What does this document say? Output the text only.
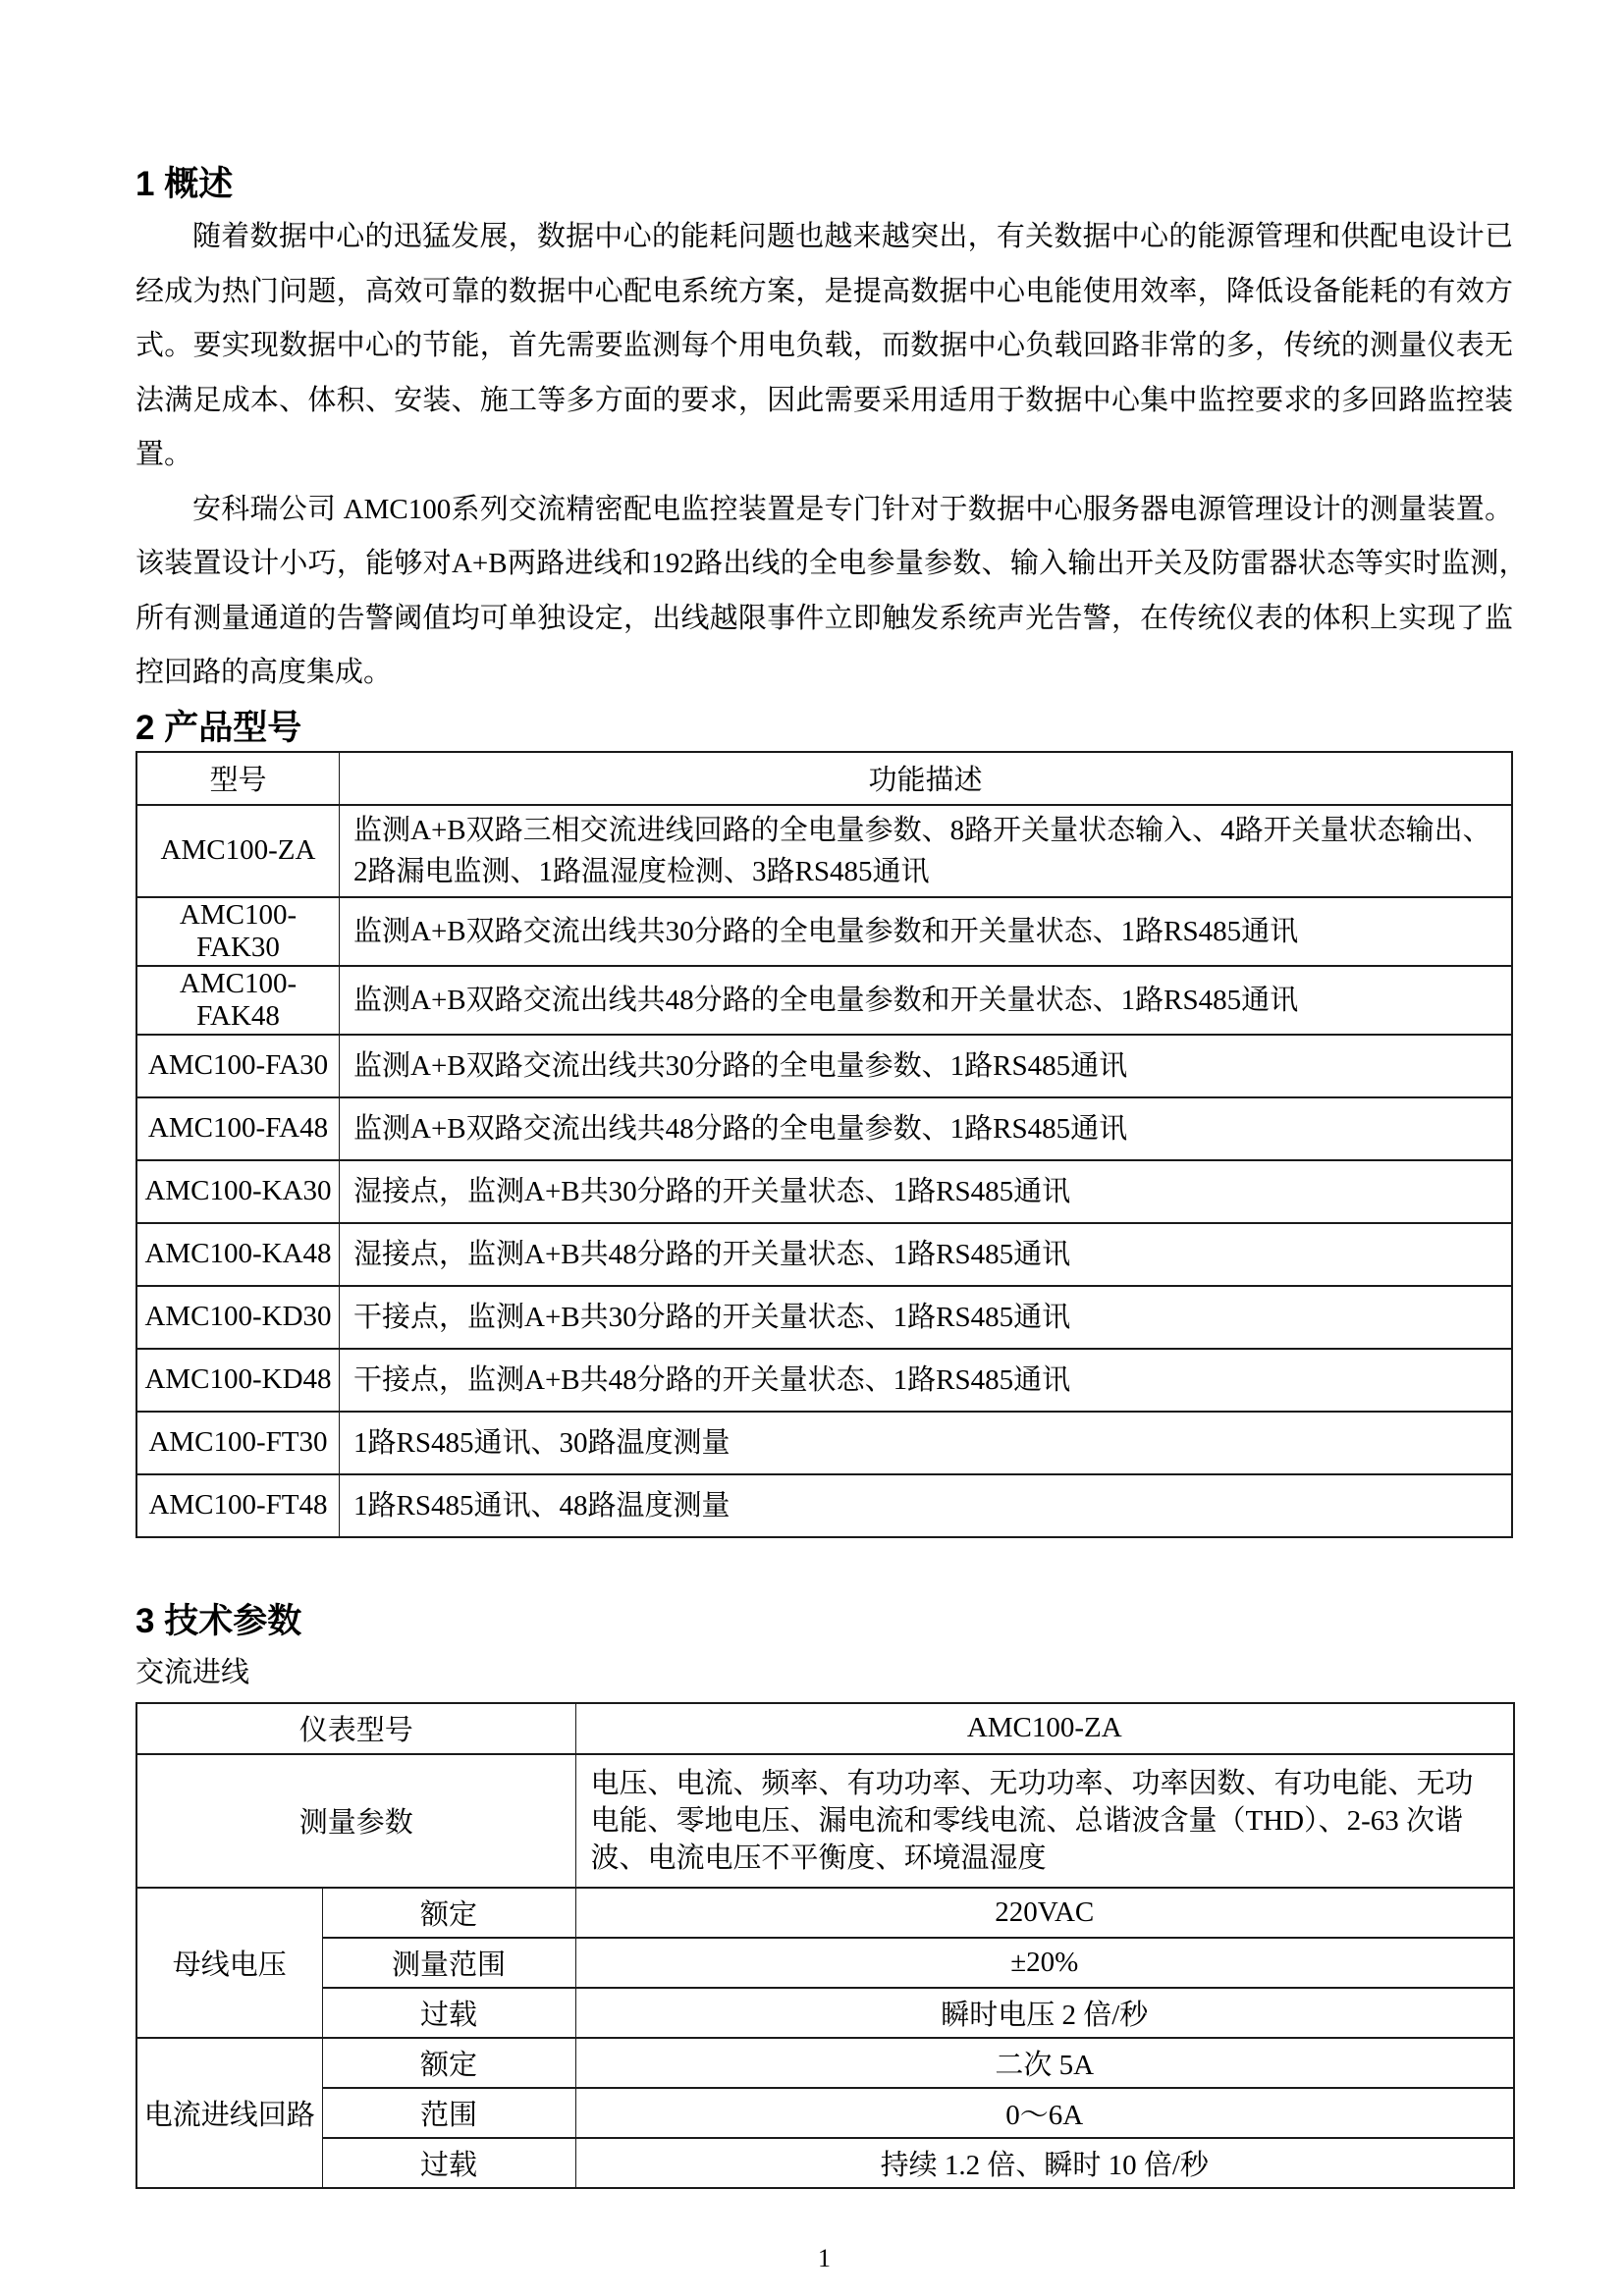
1 概述

随着数据中心的迅猛发展，数据中心的能耗问题也越来越突出，有关数据中心的能源管理和供配电设计已经成为热门问题，高效可靠的数据中心配电系统方案，是提高数据中心电能使用效率，降低设备能耗的有效方式。要实现数据中心的节能，首先需要监测每个用电负载，而数据中心负载回路非常的多，传统的测量仪表无法满足成本、体积、安装、施工等多方面的要求，因此需要采用适用于数据中心集中监控要求的多回路监控装置。

安科瑞公司 AMC100系列交流精密配电监控装置是专门针对于数据中心服务器电源管理设计的测量装置。该装置设计小巧，能够对A+B两路进线和192路出线的全电参量参数、输入输出开关及防雷器状态等实时监测，　所有测量通道的告警阈值均可单独设定，出线越限事件立即触发系统声光告警，在传统仪表的体积上实现了监控回路的高度集成。

2 产品型号
型号	功能描述
AMC100-ZA	监测A+B双路三相交流进线回路的全电量参数、8路开关量状态输入、4路开关量状态输出、2路漏电监测、1路温湿度检测、3路RS485通讯
AMC100-FAK30	监测A+B双路交流出线共30分路的全电量参数和开关量状态、1路RS485通讯
AMC100-FAK48	监测A+B双路交流出线共48分路的全电量参数和开关量状态、1路RS485通讯
AMC100-FA30	监测A+B双路交流出线共30分路的全电量参数、1路RS485通讯
AMC100-FA48	监测A+B双路交流出线共48分路的全电量参数、1路RS485通讯
AMC100-KA30	湿接点，监测A+B共30分路的开关量状态、1路RS485通讯
AMC100-KA48	湿接点，监测A+B共48分路的开关量状态、1路RS485通讯
AMC100-KD30	干接点，监测A+B共30分路的开关量状态、1路RS485通讯
AMC100-KD48	干接点，监测A+B共48分路的开关量状态、1路RS485通讯
AMC100-FT30	1路RS485通讯、30路温度测量
AMC100-FT48	1路RS485通讯、48路温度测量
3 技术参数

交流进线

仪表型号		AMC100-ZA
测量参数		电压、电流、频率、有功功率、无功功率、功率因数、有功电能、无功电能、零地电压、漏电流和零线电流、总谐波含量（THD）、2-63 次谐波、电流电压不平衡度、环境温湿度
母线电压	额定	220VAC
	测量范围	±20%
	过载	瞬时电压 2 倍/秒
电流进线回路	额定	二次 5A
	范围	0～6A
	过载	持续 1.2 倍、瞬时 10 倍/秒
1
